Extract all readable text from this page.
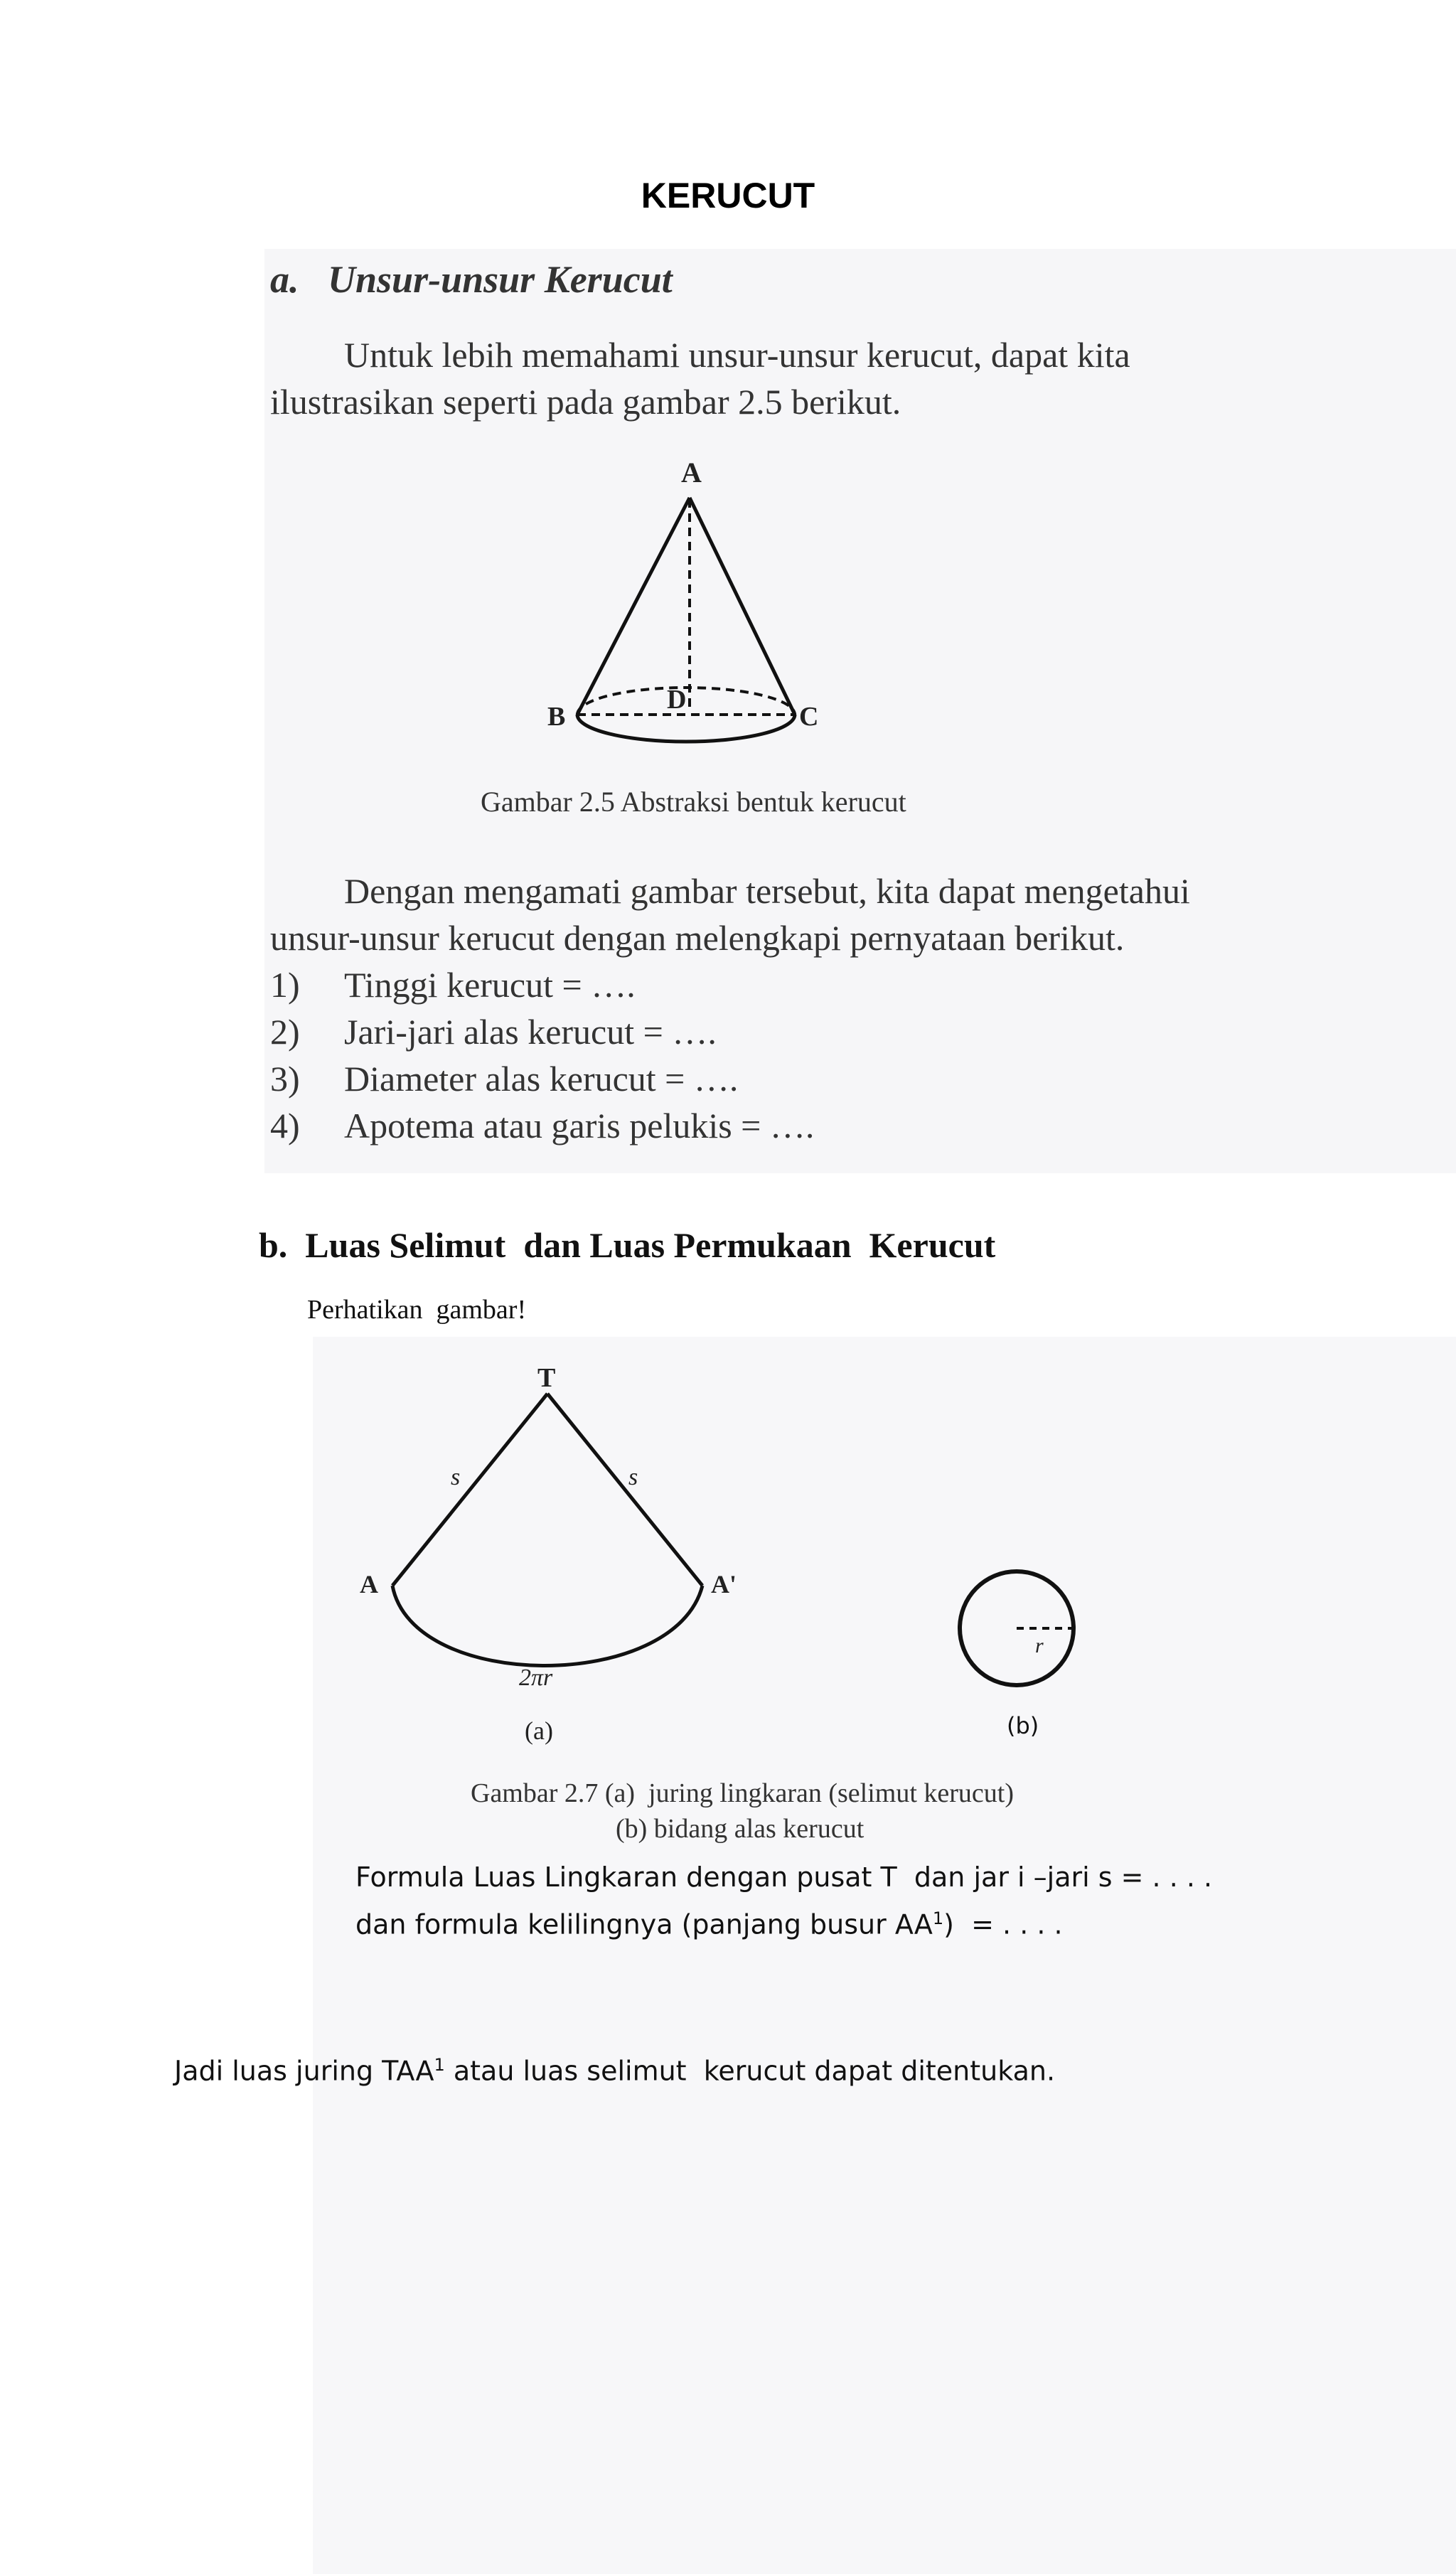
KERUCUT
a.   Unsur-unsur Kerucut
Untuk lebih memahami unsur-unsur kerucut, dapat kita ilustrasikan seperti pada gambar 2.5 berikut.
A
B	C
D
Gambar 2.5 Abstraksi bentuk kerucut
Dengan mengamati gambar tersebut, kita dapat mengetahui unsur-unsur kerucut dengan melengkapi pernyataan berikut.
1) Tinggi kerucut = ….
2) Jari-jari alas kerucut = ….
3) Diameter alas kerucut = ….
4) Apotema atau garis pelukis = ….
b.  Luas Selimut  dan Luas Permukaan  Kerucut
Perhatikan  gambar!
T
s	s
A	A'
2πr
(a)
r
(b)
Gambar 2.7 (a)  juring lingkaran (selimut kerucut)
(b) bidang alas kerucut
Formula Luas Lingkaran dengan pusat T  dan jar i –jari s = . . . .
dan formula kelilingnya (panjang busur $AA^1$)  = . . . .
Jadi luas juring TAA$^1$ atau luas selimut  kerucut dapat ditentukan.
